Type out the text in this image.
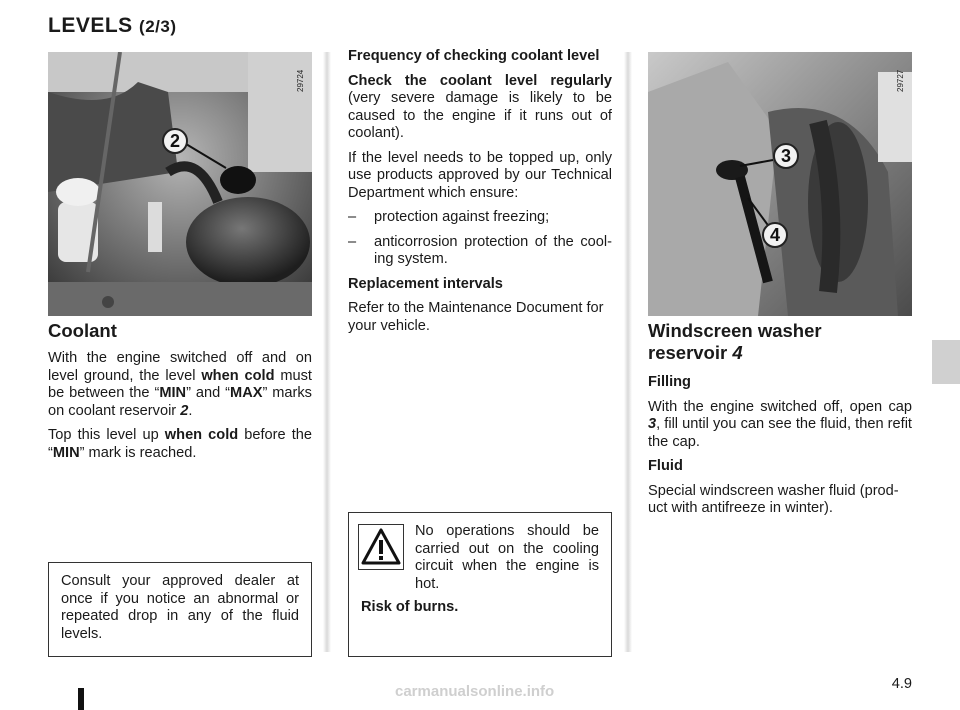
LEVELS (2/3)
29724
2
29727
3
4
Coolant

With the engine switched off and on level ground, the level when cold must be between the “MIN” and “MAX” marks on coolant reservoir 2.

Top this level up when cold before the “MIN” mark is reached.

Consult your approved dealer at once if you notice an abnormal or repeated drop in any of the fluid levels.

Frequency of checking coolant level

Check the coolant level regularly (very severe damage is likely to be caused to the engine if it runs out of coolant).

If the level needs to be topped up, only use products approved by our Technical Department which ensure:

–	protection against freezing;
–	anticorrosion protection of the cool-ing system.
Replacement intervals

Refer to the Maintenance Document for your vehicle.

No operations should be carried out on the cooling circuit when the engine is hot.

Risk of burns.

Windscreen washer
reservoir 4
Filling

With the engine switched off, open cap 3, fill until you can see the fluid, then refit the cap.

Fluid

Special windscreen washer fluid (prod-uct with antifreeze in winter).

4.9
carmanualsonline.info
